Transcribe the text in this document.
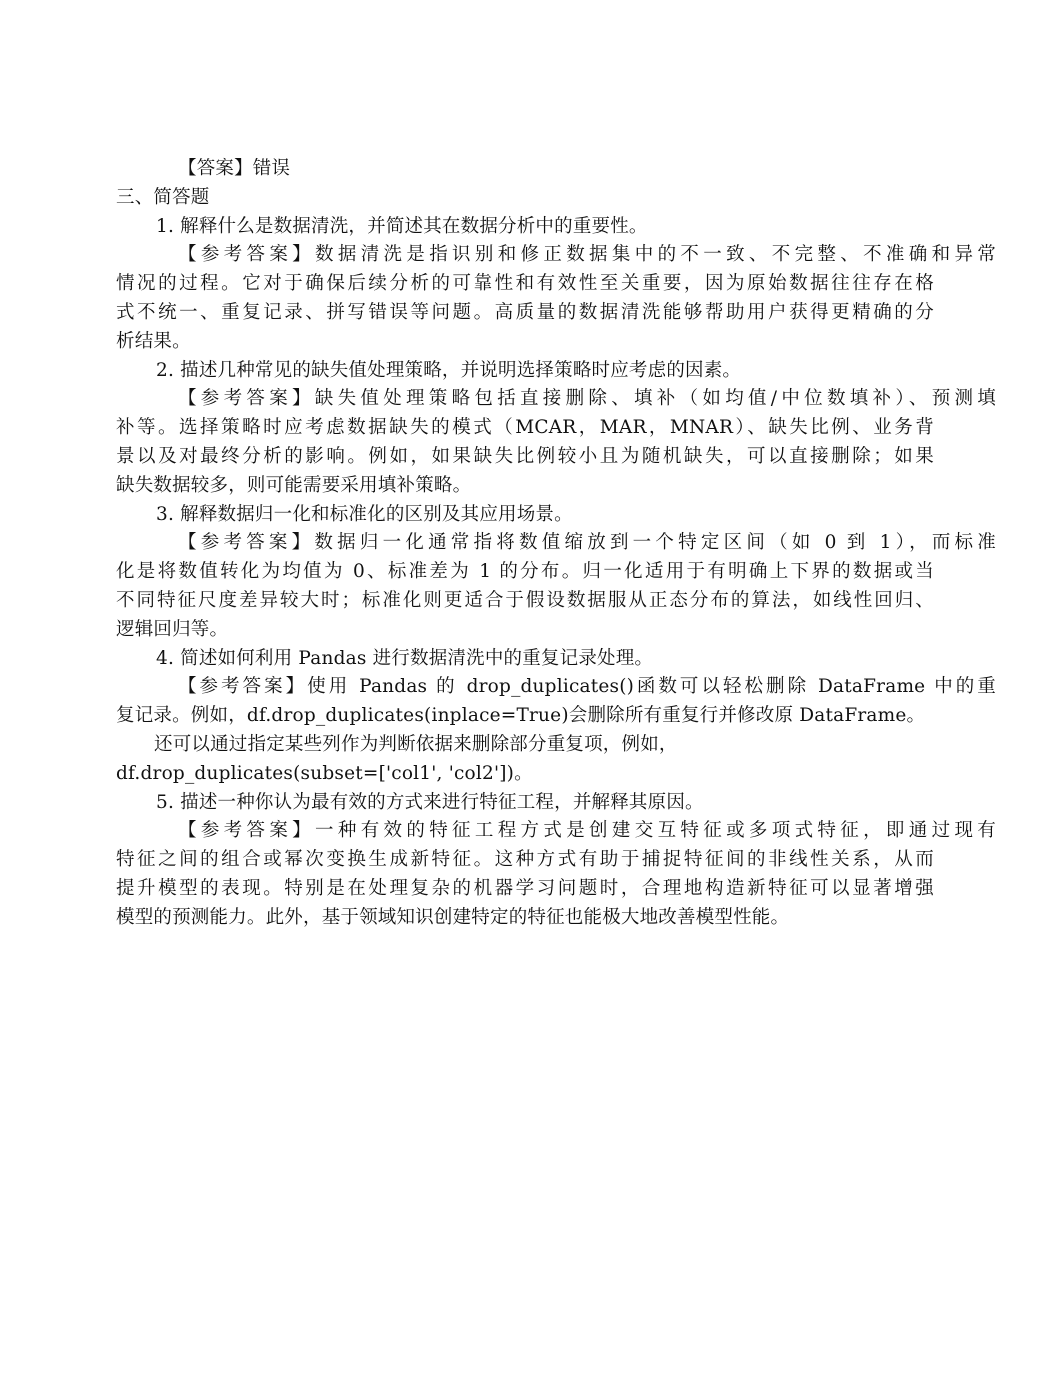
【答案】错误
三、简答题
1. 解释什么是数据清洗，并简述其在数据分析中的重要性。
【参考答案】数据清洗是指识别和修正数据集中的不一致、不完整、不准确和异常
情况的过程。它对于确保后续分析的可靠性和有效性至关重要，因为原始数据往往存在格
式不统一、重复记录、拼写错误等问题。高质量的数据清洗能够帮助用户获得更精确的分
析结果。
2. 描述几种常见的缺失值处理策略，并说明选择策略时应考虑的因素。
【参考答案】缺失值处理策略包括直接删除、填补（如均值/中位数填补）、预测填
补等。选择策略时应考虑数据缺失的模式（MCAR，MAR，MNAR）、缺失比例、业务背
景以及对最终分析的影响。例如，如果缺失比例较小且为随机缺失，可以直接删除；如果
缺失数据较多，则可能需要采用填补策略。
3. 解释数据归一化和标准化的区别及其应用场景。
【参考答案】数据归一化通常指将数值缩放到一个特定区间（如 0 到 1），而标准
化是将数值转化为均值为 0、标准差为 1 的分布。归一化适用于有明确上下界的数据或当
不同特征尺度差异较大时；标准化则更适合于假设数据服从正态分布的算法，如线性回归、
逻辑回归等。
4. 简述如何利用 Pandas 进行数据清洗中的重复记录处理。
【参考答案】使用 Pandas 的 drop_duplicates()函数可以轻松删除 DataFrame 中的重
复记录。例如，df.drop_duplicates(inplace=True)会删除所有重复行并修改原 DataFrame。
还可以通过指定某些列作为判断依据来删除部分重复项，例如，
df.drop_duplicates(subset=['col1', 'col2'])。
5. 描述一种你认为最有效的方式来进行特征工程，并解释其原因。
【参考答案】一种有效的特征工程方式是创建交互特征或多项式特征，即通过现有
特征之间的组合或幂次变换生成新特征。这种方式有助于捕捉特征间的非线性关系，从而
提升模型的表现。特别是在处理复杂的机器学习问题时，合理地构造新特征可以显著增强
模型的预测能力。此外，基于领域知识创建特定的特征也能极大地改善模型性能。
